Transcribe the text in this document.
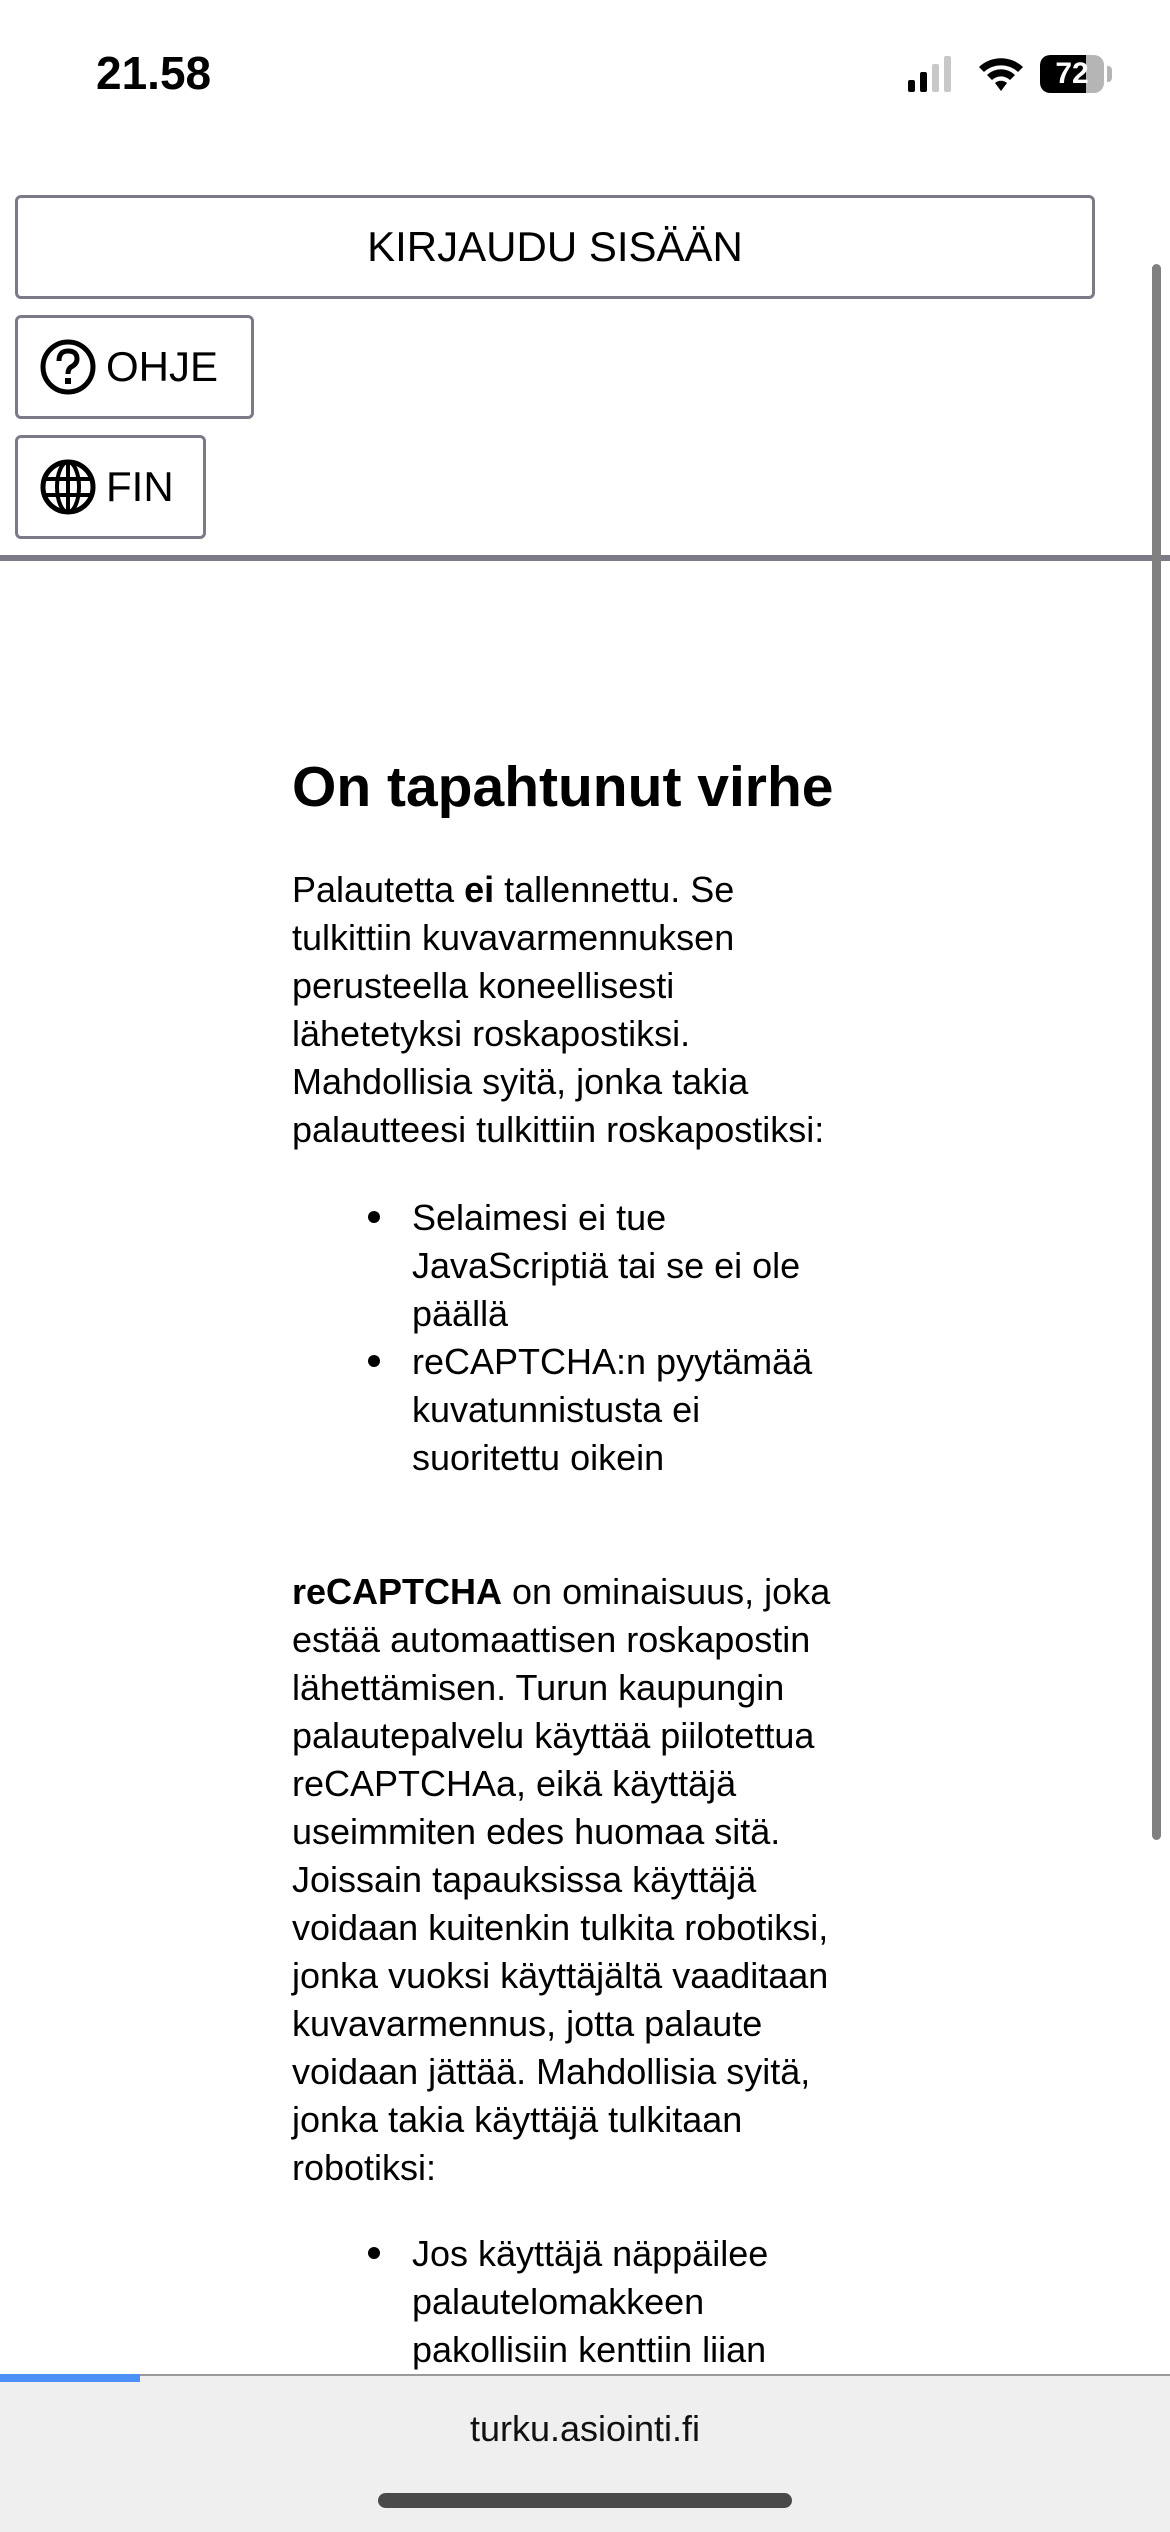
21.58	72
KIRJAUDU SISÄÄN
OHJE
FIN
On tapahtunut virhe
Palautetta ei tallennettu. Se
tulkittiin kuvavarmennuksen
perusteella koneellisesti
lähetetyksi roskapostiksi.
Mahdollisia syitä, jonka takia
palautteesi tulkittiin roskapostiksi:
Selaimesi ei tue
JavaScriptiä tai se ei ole
päällä
reCAPTCHA:n pyytämää
kuvatunnistusta ei
suoritettu oikein
reCAPTCHA on ominaisuus, joka
estää automaattisen roskapostin
lähettämisen. Turun kaupungin
palautepalvelu käyttää piilotettua
reCAPTCHAa, eikä käyttäjä
useimmiten edes huomaa sitä.
Joissain tapauksissa käyttäjä
voidaan kuitenkin tulkita robotiksi,
jonka vuoksi käyttäjältä vaaditaan
kuvavarmennus, jotta palaute
voidaan jättää. Mahdollisia syitä,
jonka takia käyttäjä tulkitaan
robotiksi:
Jos käyttäjä näppäilee
palautelomakkeen
pakollisiin kenttiin liian
turku.asiointi.fi
